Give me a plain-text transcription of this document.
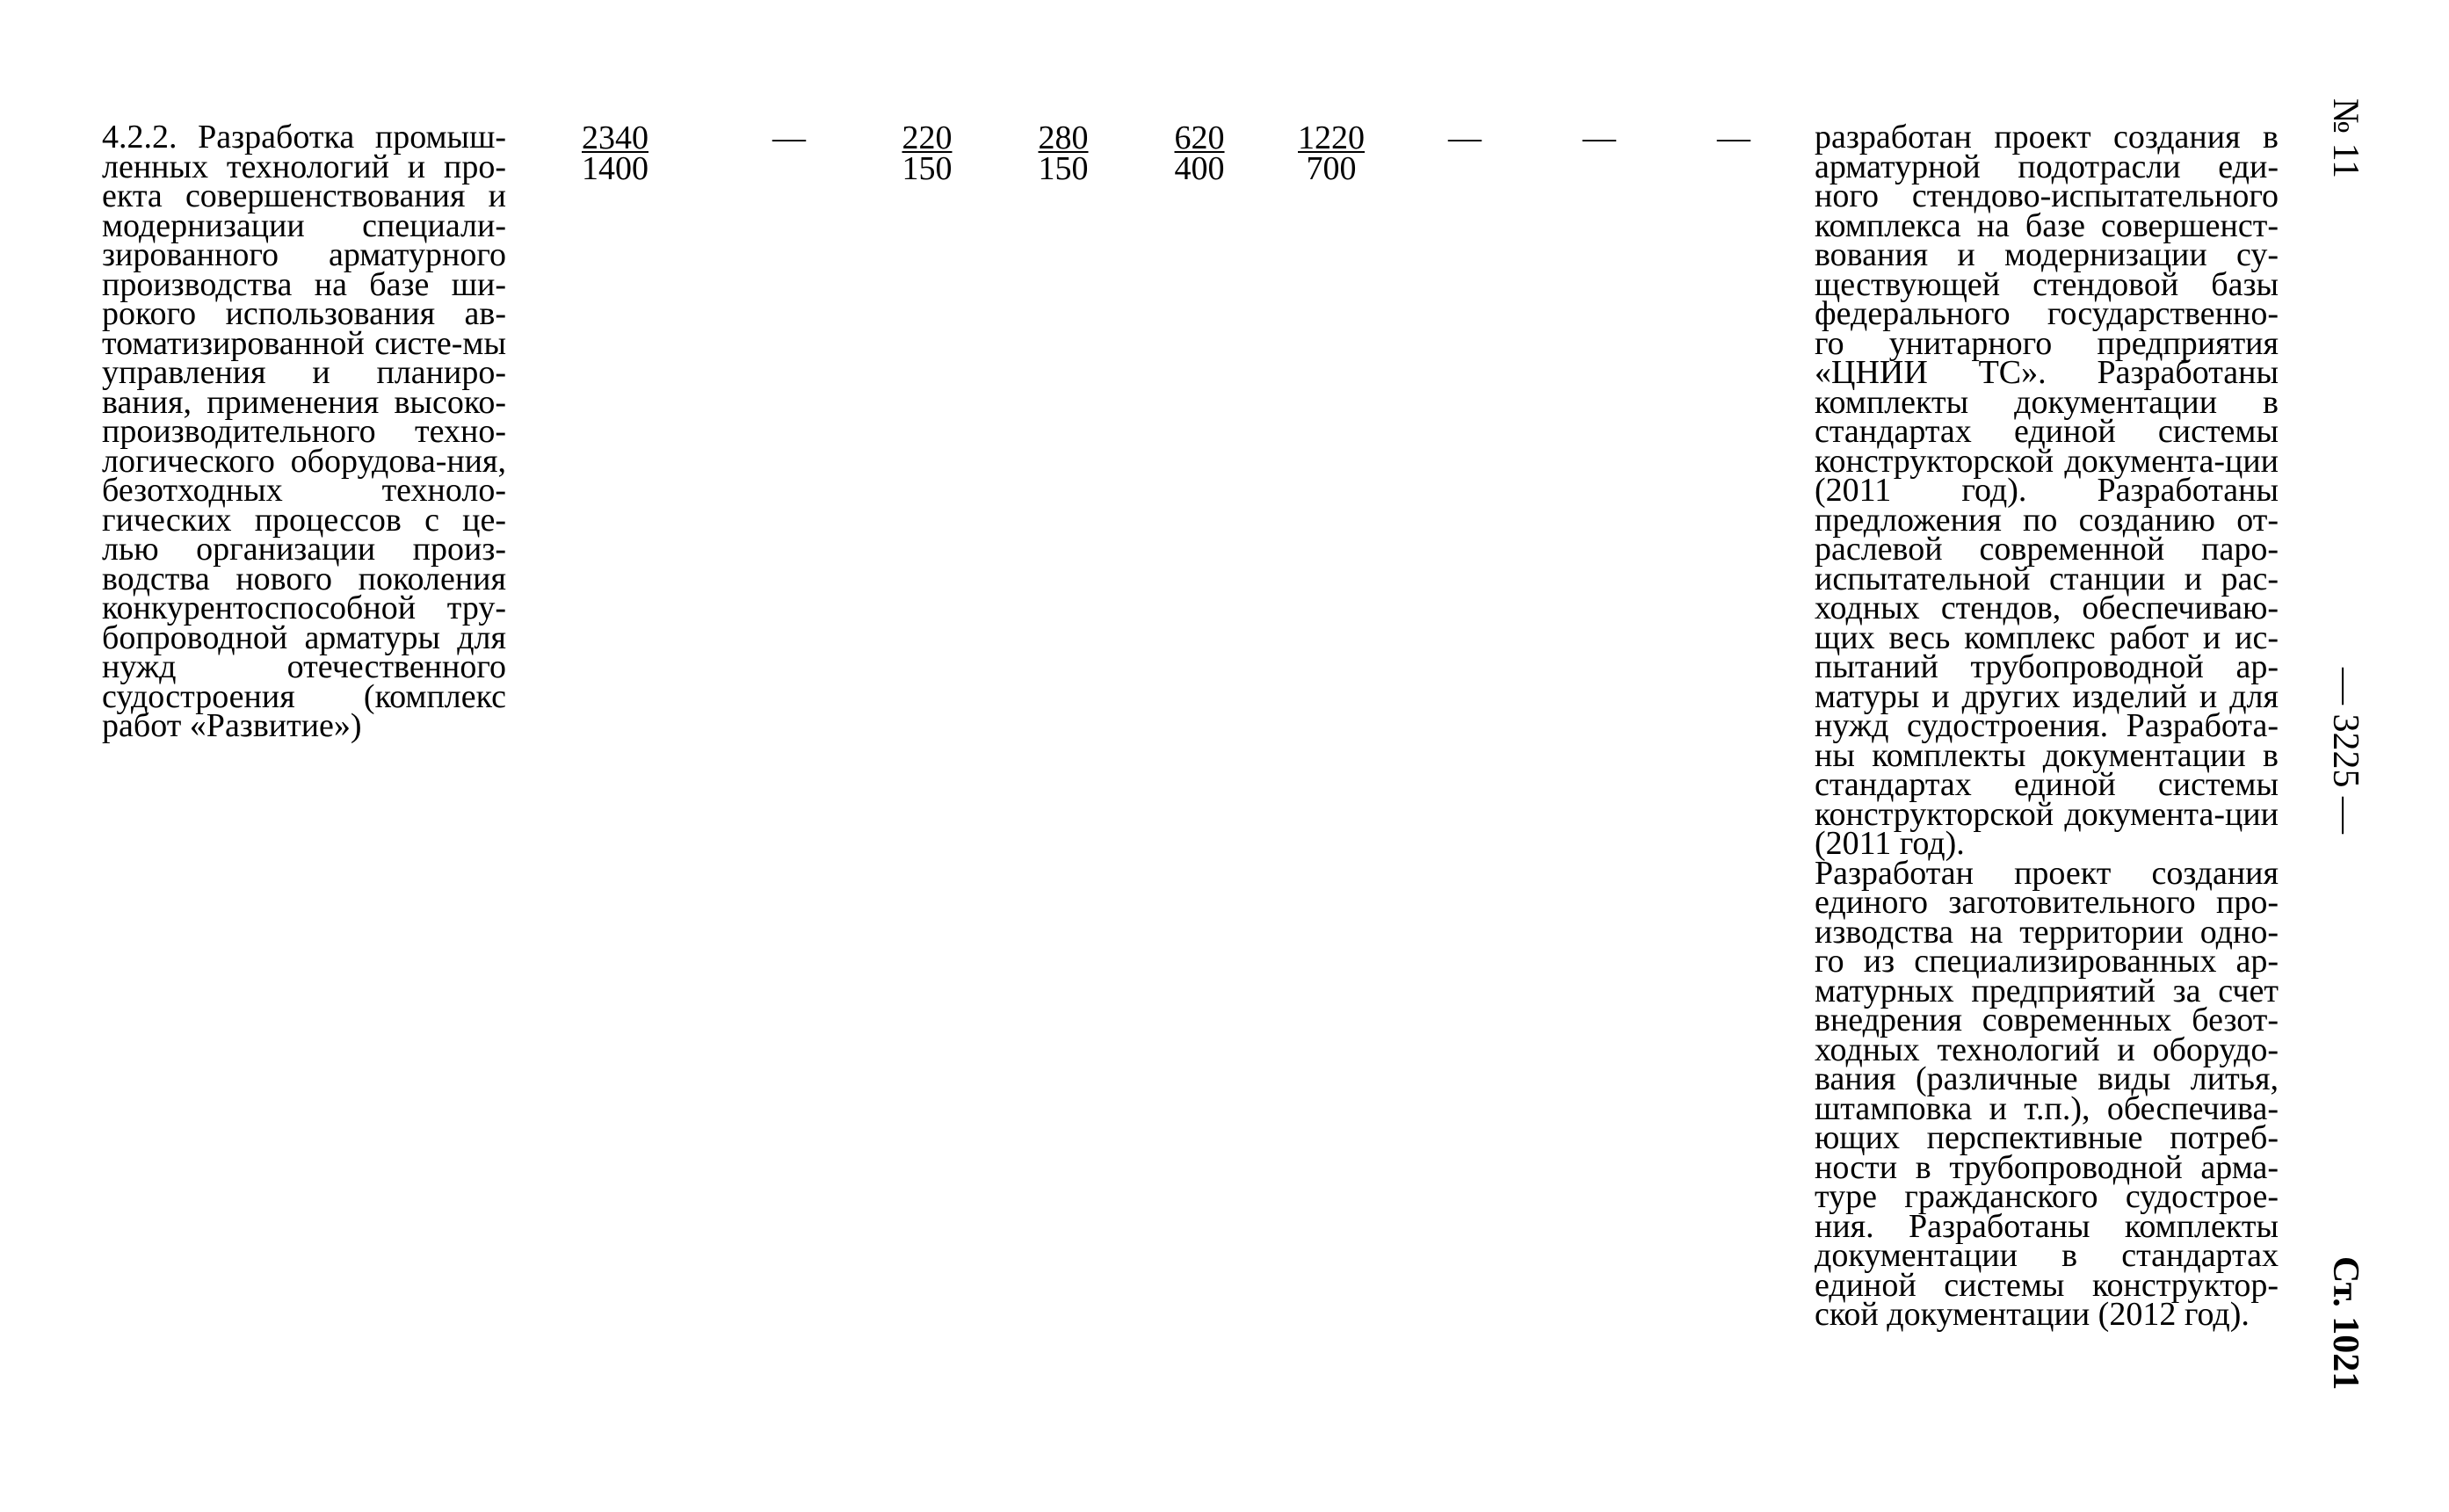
4.2.2. Разработка промыш-ленных технологий и про-екта совершенствования и модернизации специали-зированного арматурного производства на базе ши-рокого использования ав-томатизированной систе-мы управления и планиро-вания, применения высоко-производительного техно-логического оборудова-ния, безотходных техноло-гических процессов с це-лью организации произ-водства нового поколения конкурентоспособной тру-бопроводной арматуры для нужд отечественного судостроения (комплекс работ «Развитие»)
$\frac{2340}{1400}$	—	$\frac{220}{150} \frac{280}{150} \frac{620}{400} \frac{1220}{700}$	—	—	—	разработан проект создания в арматурной подотрасли еди-ного стендово-испытательного комплекса на базе совершенст-вования и модернизации су-ществующей стендовой базы федерального государственно-го унитарного предприятия «ЦНИИ ТС». Разработаны комплекты документации в стандартах единой системы конструкторской документа-ции (2011 год). Разработаны предложения по созданию от-раслевой современной паро-испытательной станции и рас-ходных стендов, обеспечиваю-щих весь комплекс работ и ис-пытаний трубопроводной ар-матуры и других изделий и для нужд судостроения. Разработа-ны комплекты документации в стандартах единой системы конструкторской документа-ции (2011 год).

Разработан проект создания единого заготовительного про-изводства на территории одно-го из специализированных ар-матурных предприятий за счет внедрения современных безот-ходных технологий и оборудо-вания (различные виды литья, штамповка и т.п.), обеспечива-ющих перспективные потреб-ности в трубопроводной арма-туре гражданского судострое-ния. Разработаны комплекты документации в стандартах единой системы конструктор-ской документации (2012 год).

№ 11
— 3225 —
Ст. 1021
